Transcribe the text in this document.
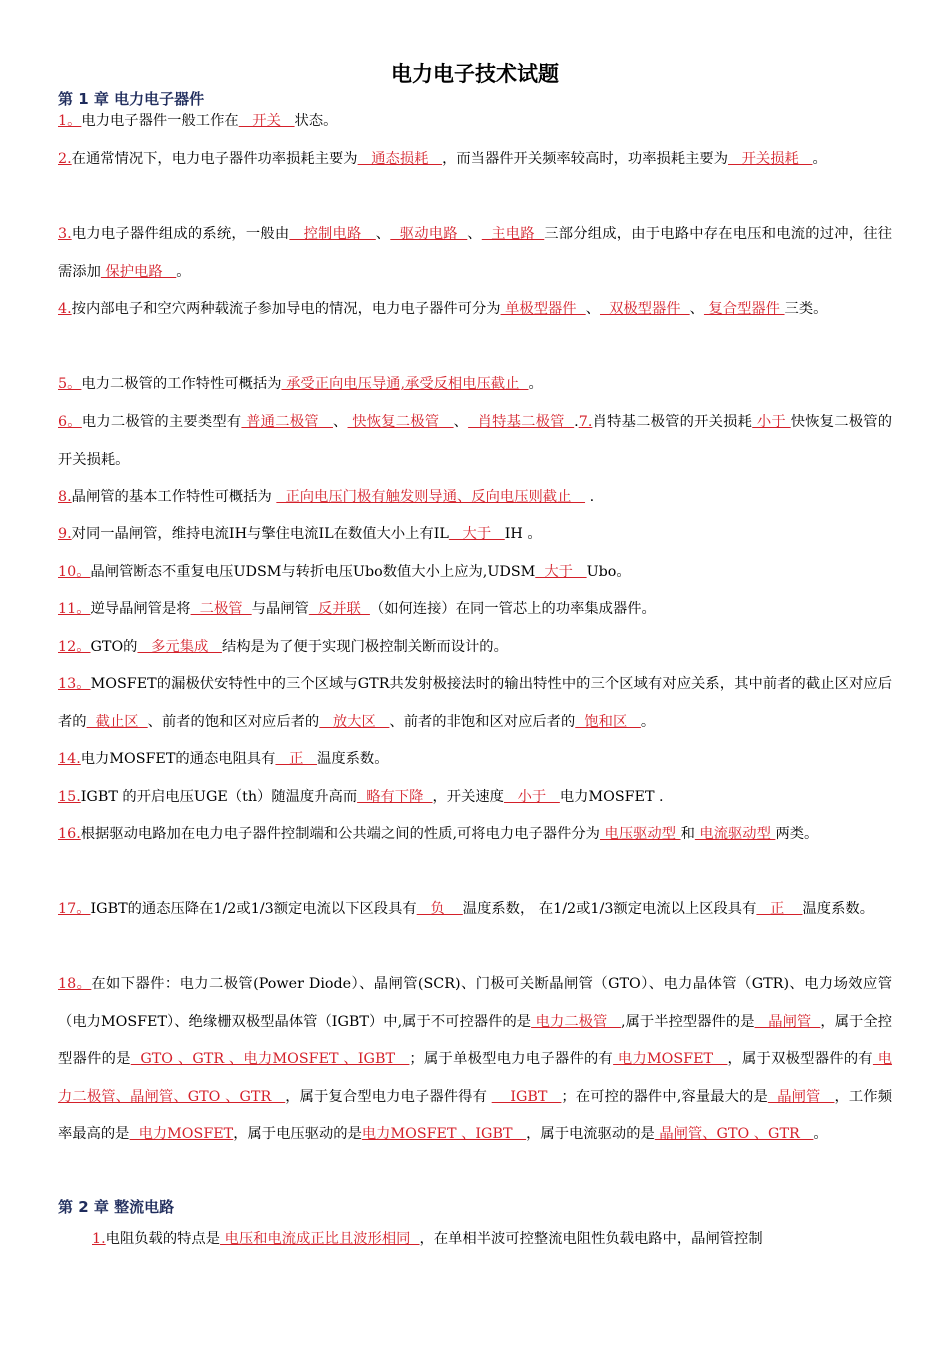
电力电子技术试题
第 1 章 电力电子器件
1。电力电子器件一般工作在   开关   状态。
2.在通常情况下，电力电子器件功率损耗主要为   通态损耗   ，而当器件开关频率较高时，功率损耗主要为   开关损耗   。
3.电力电子器件组成的系统，一般由   控制电路   、  驱动电路  、  主电路  三部分组成，由于电路中存在电压和电流的过冲，往往需添加 保护电路   。
4.按内部电子和空穴两种载流子参加导电的情况，电力电子器件可分为 单极型器件  、  双极型器件  、 复合型器件 三类。
5。电力二极管的工作特性可概括为 承受正向电压导通,承受反相电压截止  。
6。电力二极管的主要类型有 普通二极管   、 快恢复二极管   、  肖特基二极管  .7.肖特基二极管的开关损耗 小于 快恢复二极管的开关损耗。
8.晶闸管的基本工作特性可概括为   正向电压门极有触发则导通、反向电压则截止    .
9.对同一晶闸管，维持电流IH与擎住电流IL在数值大小上有IL   大于   IH 。
10。晶闸管断态不重复电压UDSM与转折电压Ubo数值大小上应为,UDSM  大于   Ubo。
11。逆导晶闸管是将  二极管  与晶闸管  反并联  （如何连接）在同一管芯上的功率集成器件。
12。GTO的   多元集成   结构是为了便于实现门极控制关断而设计的。
13。MOSFET的漏极伏安特性中的三个区域与GTR共发射极接法时的输出特性中的三个区域有对应关系，其中前者的截止区对应后者的  截止区  、前者的饱和区对应后者的   放大区   、前者的非饱和区对应后者的  饱和区   。
14.电力MOSFET的通态电阻具有   正   温度系数。
15.IGBT 的开启电压UGE（th）随温度升高而  略有下降  ，开关速度   小于   电力MOSFET .
16.根据驱动电路加在电力电子器件控制端和公共端之间的性质,可将电力电子器件分为 电压驱动型 和 电流驱动型 两类。
17。IGBT的通态压降在1/2或1/3额定电流以下区段具有   负    温度系数， 在1/2或1/3额定电流以上区段具有   正    温度系数。
18。在如下器件：电力二极管(Power Diode）、晶闸管(SCR)、门极可关断晶闸管（GTO）、电力晶体管（GTR)、电力场效应管（电力MOSFET）、绝缘栅双极型晶体管（IGBT）中,属于不可控器件的是 电力二极管   ,属于半控型器件的是   晶闸管  ，属于全控型器件的是  GTO 、GTR 、电力MOSFET 、IGBT   ；属于单极型电力电子器件的有 电力MOSFET   ，属于双极型器件的有 电力二极管、晶闸管、GTO 、GTR   ，属于复合型电力电子器件得有     IGBT   ；在可控的器件中,容量最大的是  晶闸管   ，工作频率最高的是  电力MOSFET，属于电压驱动的是电力MOSFET 、IGBT   ，属于电流驱动的是 晶闸管、GTO 、GTR   。
第 2 章 整流电路
1.电阻负载的特点是 电压和电流成正比且波形相同  ，在单相半波可控整流电阻性负载电路中，晶闸管控制
